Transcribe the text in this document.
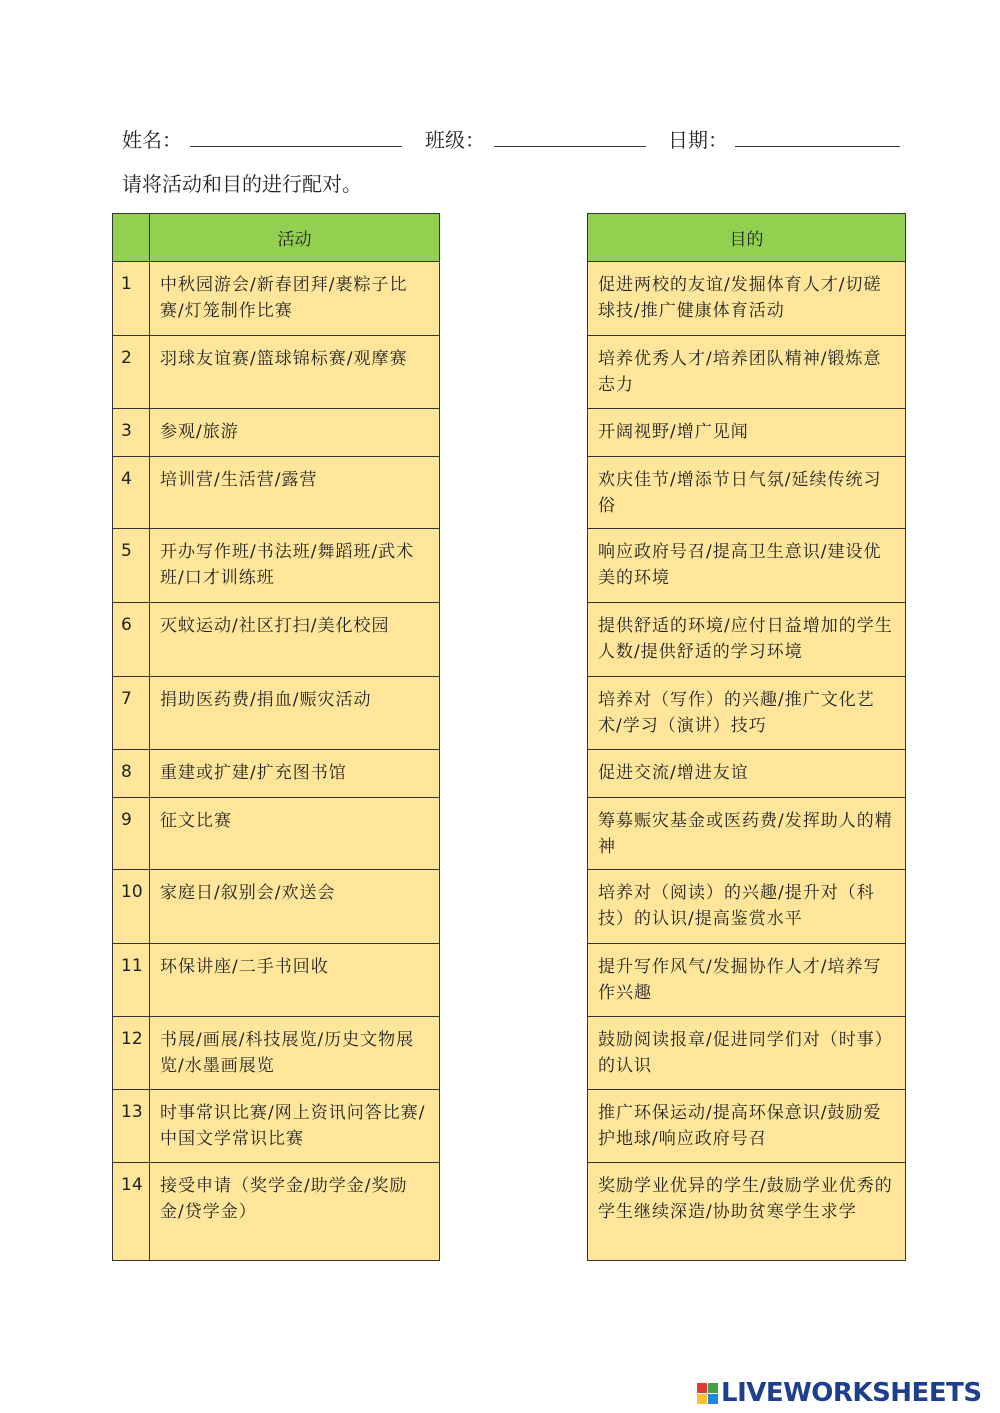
姓名：	班级：	日期：
请将活动和目的进行配对。
	活动
1	中秋园游会/新春团拜/裹粽子比赛/灯笼制作比赛
2	羽球友谊赛/篮球锦标赛/观摩赛
3	参观/旅游
4	培训营/生活营/露营
5	开办写作班/书法班/舞蹈班/武术班/口才训练班
6	灭蚊运动/社区打扫/美化校园
7	捐助医药费/捐血/赈灾活动
8	重建或扩建/扩充图书馆
9	征文比赛
10	家庭日/叙别会/欢送会
11	环保讲座/二手书回收
12	书展/画展/科技展览/历史文物展览/水墨画展览
13	时事常识比赛/网上资讯问答比赛/中国文学常识比赛
14	接受申请（奖学金/助学金/奖励金/贷学金）
目的
促进两校的友谊/发掘体育人才/切磋球技/推广健康体育活动
培养优秀人才/培养团队精神/锻炼意志力
开阔视野/增广见闻
欢庆佳节/增添节日气氛/延续传统习俗
响应政府号召/提高卫生意识/建设优美的环境
提供舒适的环境/应付日益增加的学生人数/提供舒适的学习环境
培养对（写作）的兴趣/推广文化艺术/学习（演讲）技巧
促进交流/增进友谊
筹募赈灾基金或医药费/发挥助人的精神
培养对（阅读）的兴趣/提升对（科技）的认识/提高鉴赏水平
提升写作风气/发掘协作人才/培养写作兴趣
鼓励阅读报章/促进同学们对（时事）的认识
推广环保运动/提高环保意识/鼓励爱护地球/响应政府号召
奖励学业优异的学生/鼓励学业优秀的学生继续深造/协助贫寒学生求学
LIVEWORKSHEETS
